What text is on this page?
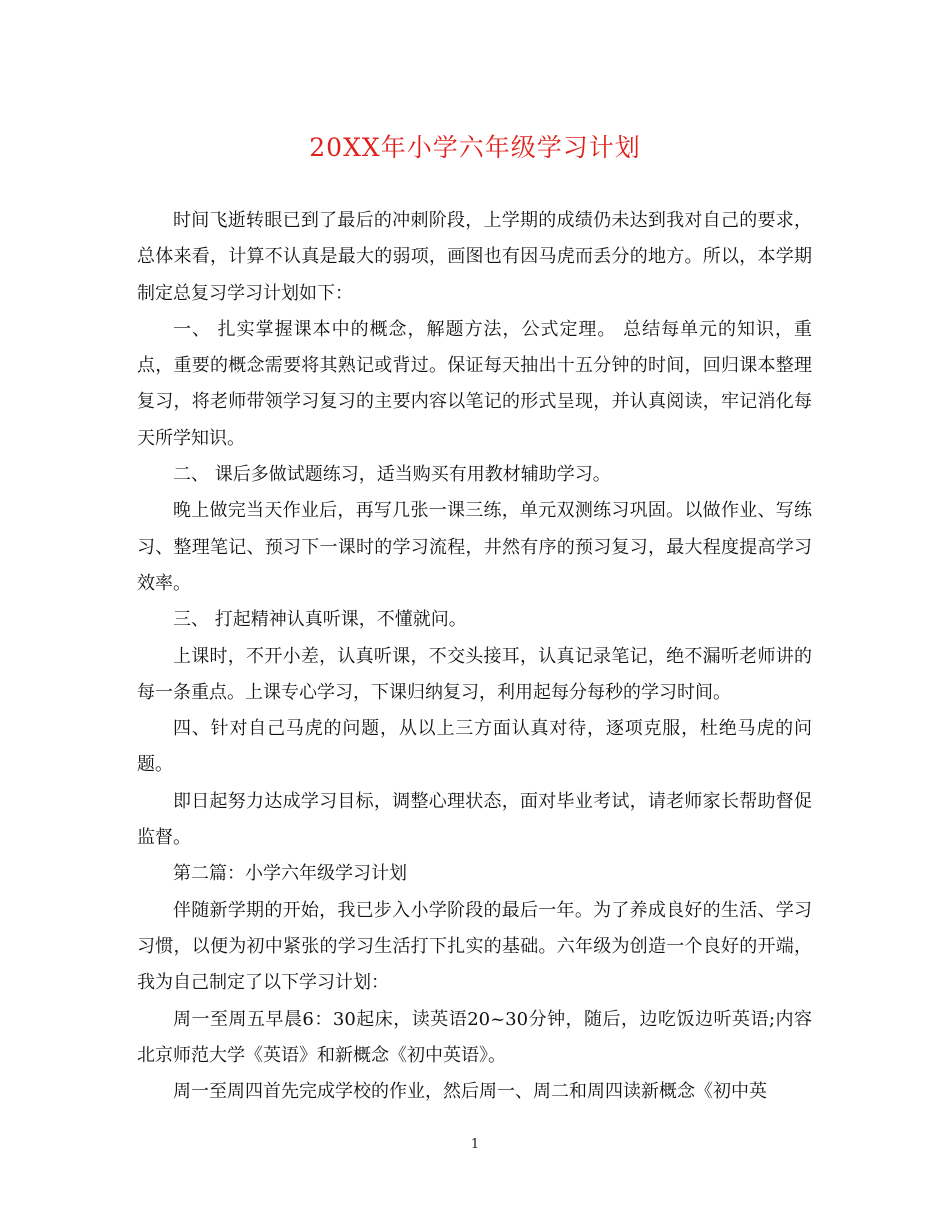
20XX年小学六年级学习计划

时间飞逝转眼已到了最后的冲刺阶段，上学期的成绩仍未达到我对自己的要求，总体来看，计算不认真是最大的弱项，画图也有因马虎而丢分的地方。所以，本学期制定总复习学习计划如下：

一、 扎实掌握课本中的概念，解题方法，公式定理。 总结每单元的知识，重点，重要的概念需要将其熟记或背过。保证每天抽出十五分钟的时间，回归课本整理复习，将老师带领学习复习的主要内容以笔记的形式呈现，并认真阅读，牢记消化每天所学知识。

二、 课后多做试题练习，适当购买有用教材辅助学习。

晚上做完当天作业后，再写几张一课三练，单元双测练习巩固。以做作业、写练习、整理笔记、预习下一课时的学习流程，井然有序的预习复习，最大程度提高学习效率。

三、 打起精神认真听课，不懂就问。

上课时，不开小差，认真听课，不交头接耳，认真记录笔记，绝不漏听老师讲的每一条重点。上课专心学习，下课归纳复习，利用起每分每秒的学习时间。

四、针对自己马虎的问题，从以上三方面认真对待，逐项克服，杜绝马虎的问题。

即日起努力达成学习目标，调整心理状态，面对毕业考试，请老师家长帮助督促监督。

第二篇：小学六年级学习计划

伴随新学期的开始，我已步入小学阶段的最后一年。为了养成良好的生活、学习习惯，以便为初中紧张的学习生活打下扎实的基础。六年级为创造一个良好的开端，我为自己制定了以下学习计划：

周一至周五早晨6：30起床，读英语20~30分钟，随后，边吃饭边听英语;内容北京师范大学《英语》和新概念《初中英语》。

周一至周四首先完成学校的作业，然后周一、周二和周四读新概念《初中英

1
